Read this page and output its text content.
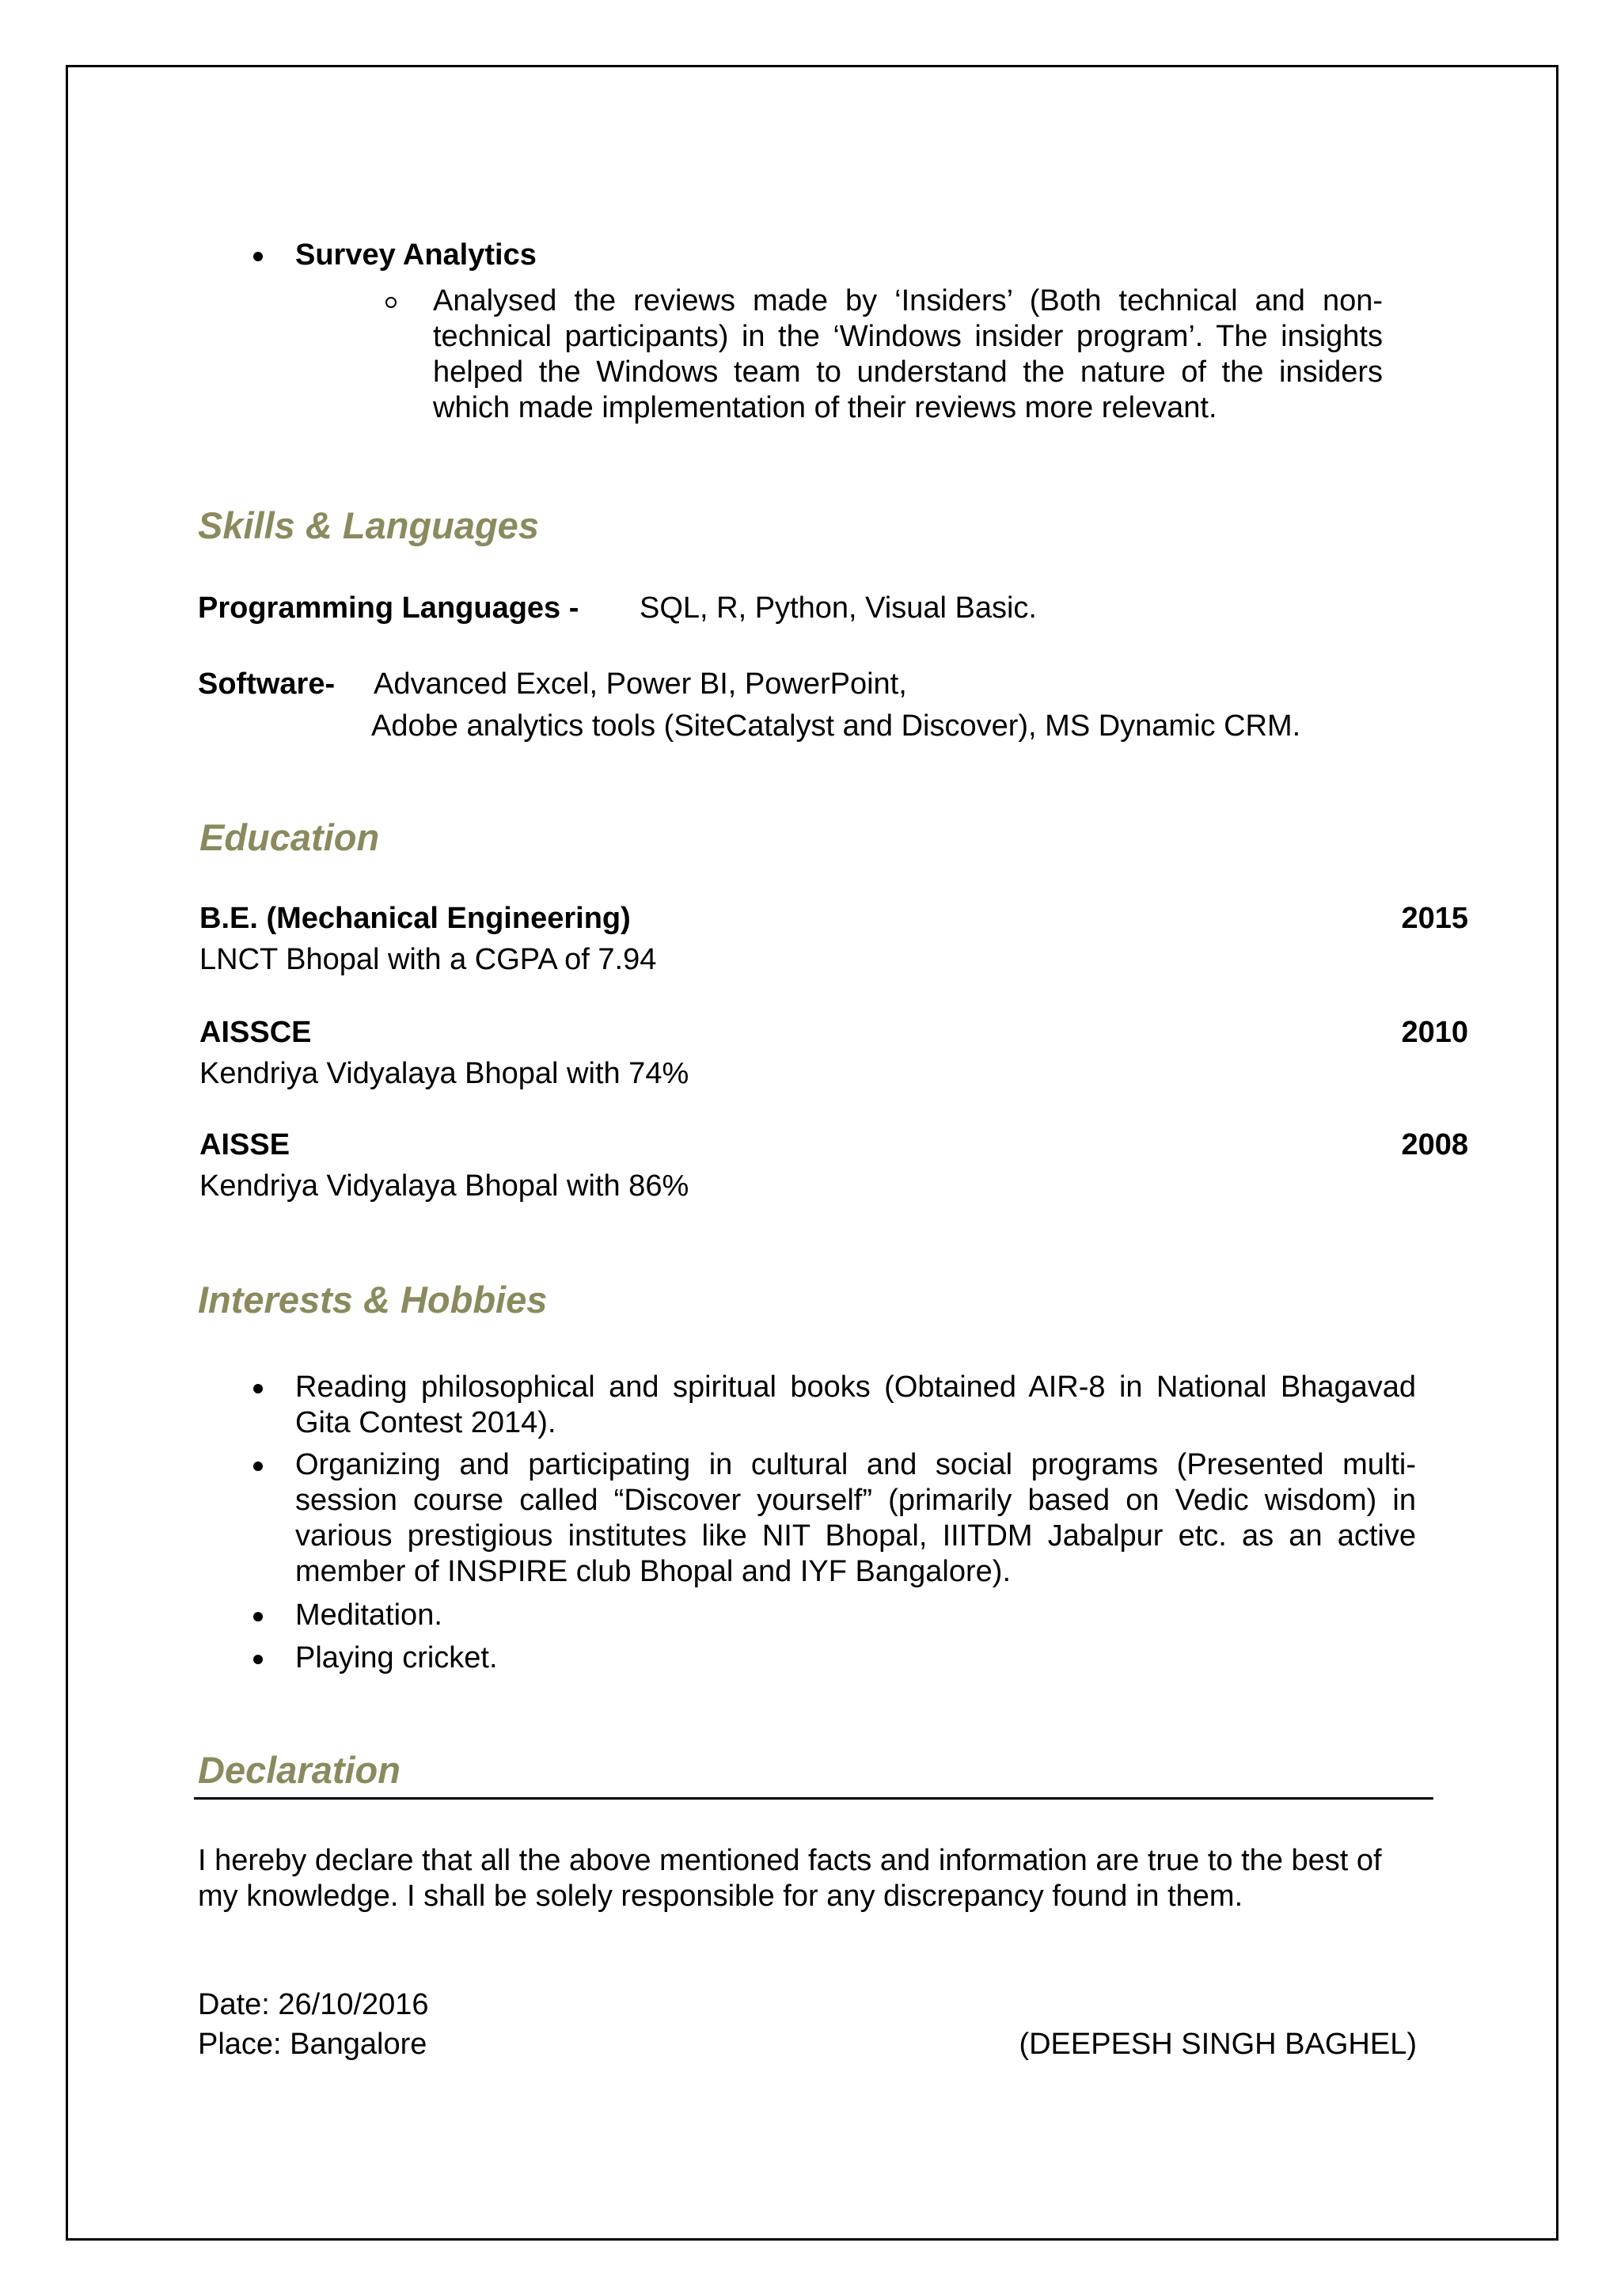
Survey Analytics
Analysed the reviews made by ‘Insiders’ (Both technical and non-technical participants) in the ‘Windows insider program’. The insights helped the Windows team to understand the nature of the insiders which made implementation of their reviews more relevant.
Skills & Languages
Programming Languages - SQL, R, Python, Visual Basic.
Software- Advanced Excel, Power BI, PowerPoint,
Adobe analytics tools (SiteCatalyst and Discover), MS Dynamic CRM.
Education
B.E. (Mechanical Engineering)	2015
LNCT Bhopal with a CGPA of 7.94
AISSCE	2010
Kendriya Vidyalaya Bhopal with 74%
AISSE	2008
Kendriya Vidyalaya Bhopal with 86%
Interests & Hobbies
Reading philosophical and spiritual books (Obtained AIR-8 in National Bhagavad Gita Contest 2014).
Organizing and participating in cultural and social programs (Presented multi-session course called “Discover yourself” (primarily based on Vedic wisdom) in various prestigious institutes like NIT Bhopal, IIITDM Jabalpur etc. as an active member of INSPIRE club Bhopal and IYF Bangalore).
Meditation.
Playing cricket.
Declaration
I hereby declare that all the above mentioned facts and information are true to the best of my knowledge. I shall be solely responsible for any discrepancy found in them.
Date: 26/10/2016
Place: Bangalore	(DEEPESH SINGH BAGHEL)
